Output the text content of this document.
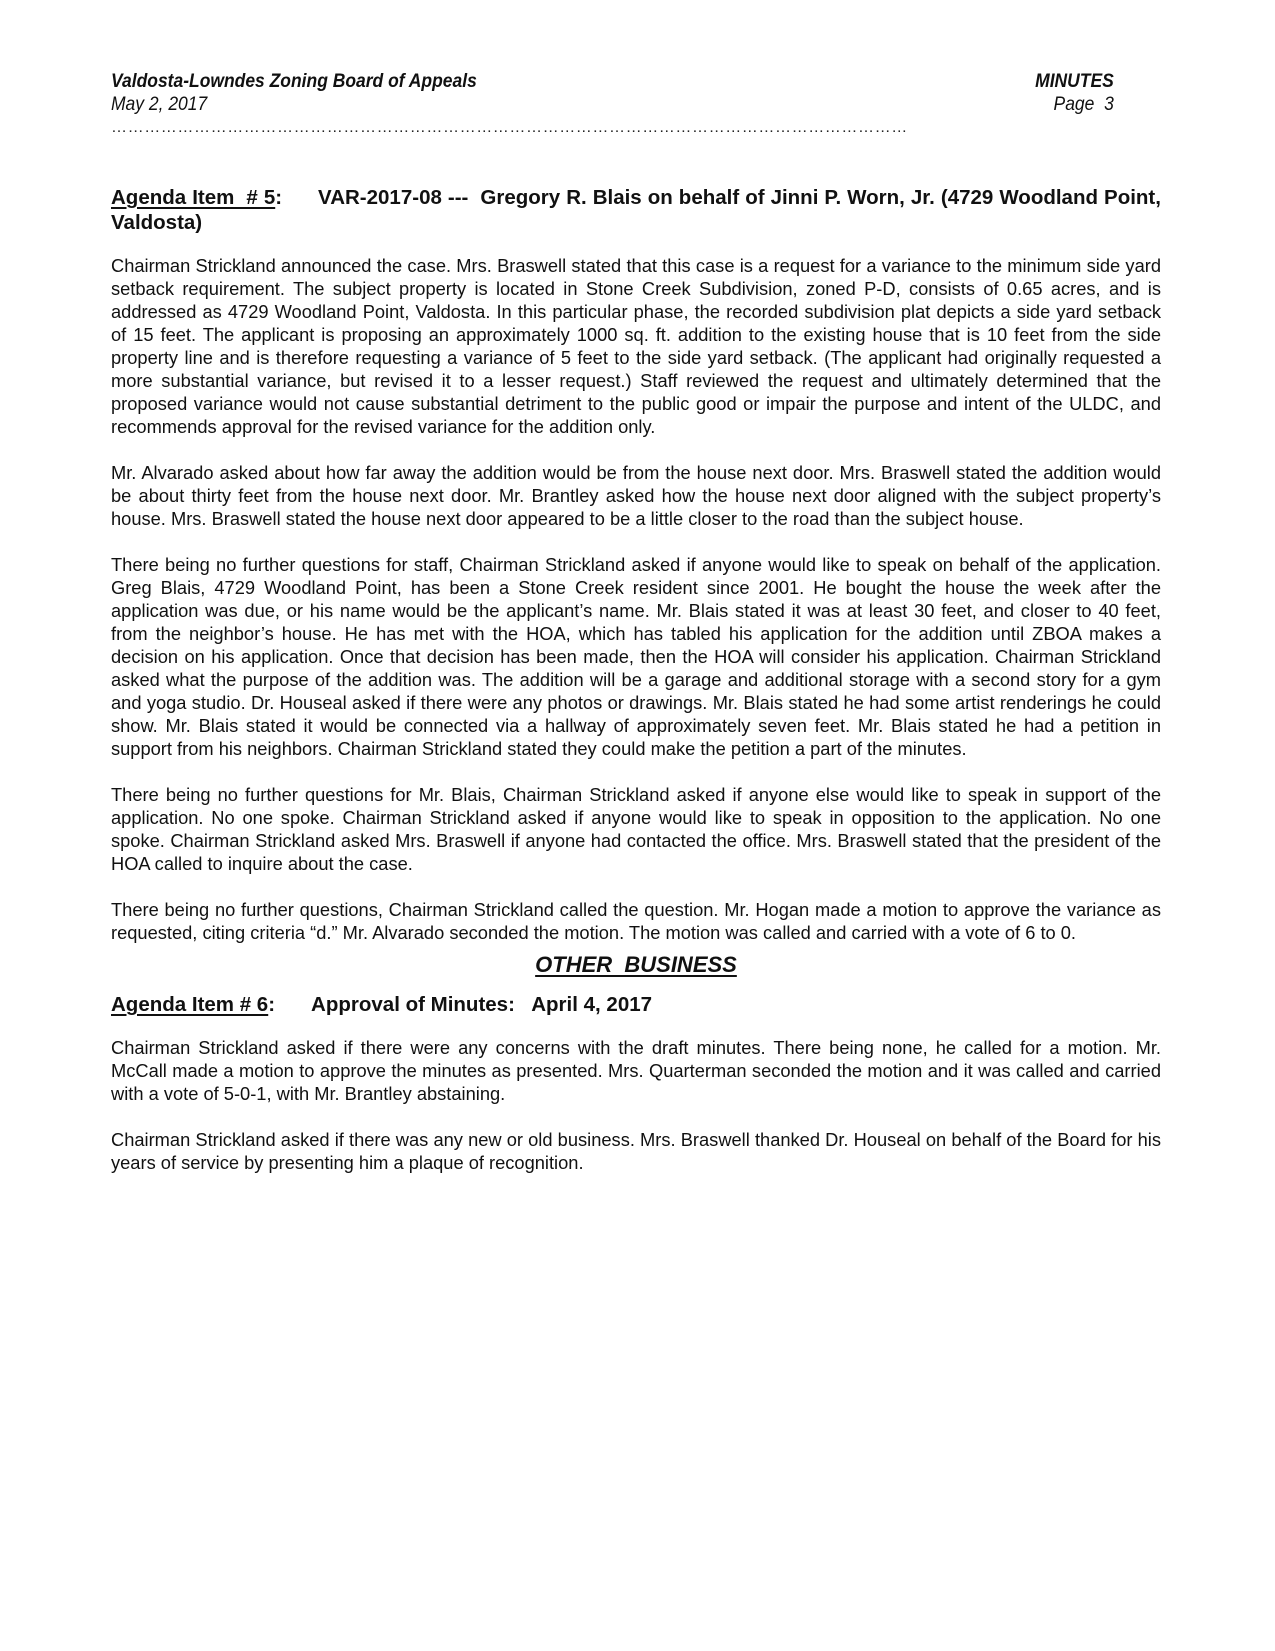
Valdosta-Lowndes Zoning Board of Appeals	MINUTES
May 2, 2017	Page  3
………………………………………………………………………………………………………………………………
Agenda Item  # 5: VAR-2017-08 --- Gregory R. Blais on behalf of Jinni P. Worn, Jr. (4729 Woodland Point, Valdosta)

Chairman Strickland announced the case. Mrs. Braswell stated that this case is a request for a variance to the minimum side yard setback requirement. The subject property is located in Stone Creek Subdivision, zoned P-D, consists of 0.65 acres, and is addressed as 4729 Woodland Point, Valdosta. In this particular phase, the recorded subdivision plat depicts a side yard setback of 15 feet. The applicant is proposing an approximately 1000 sq. ft. addition to the existing house that is 10 feet from the side property line and is therefore requesting a variance of 5 feet to the side yard setback. (The applicant had originally requested a more substantial variance, but revised it to a lesser request.) Staff reviewed the request and ultimately determined that the proposed variance would not cause substantial detriment to the public good or impair the purpose and intent of the ULDC, and recommends approval for the revised variance for the addition only.

Mr. Alvarado asked about how far away the addition would be from the house next door. Mrs. Braswell stated the addition would be about thirty feet from the house next door. Mr. Brantley asked how the house next door aligned with the subject property’s house. Mrs. Braswell stated the house next door appeared to be a little closer to the road than the subject house.

There being no further questions for staff, Chairman Strickland asked if anyone would like to speak on behalf of the application. Greg Blais, 4729 Woodland Point, has been a Stone Creek resident since 2001. He bought the house the week after the application was due, or his name would be the applicant’s name. Mr. Blais stated it was at least 30 feet, and closer to 40 feet, from the neighbor’s house. He has met with the HOA, which has tabled his application for the addition until ZBOA makes a decision on his application. Once that decision has been made, then the HOA will consider his application. Chairman Strickland asked what the purpose of the addition was. The addition will be a garage and additional storage with a second story for a gym and yoga studio. Dr. Houseal asked if there were any photos or drawings. Mr. Blais stated he had some artist renderings he could show. Mr. Blais stated it would be connected via a hallway of approximately seven feet. Mr. Blais stated he had a petition in support from his neighbors. Chairman Strickland stated they could make the petition a part of the minutes.

There being no further questions for Mr. Blais, Chairman Strickland asked if anyone else would like to speak in support of the application. No one spoke. Chairman Strickland asked if anyone would like to speak in opposition to the application. No one spoke. Chairman Strickland asked Mrs. Braswell if anyone had contacted the office. Mrs. Braswell stated that the president of the HOA called to inquire about the case.

There being no further questions, Chairman Strickland called the question. Mr. Hogan made a motion to approve the variance as requested, citing criteria “d.” Mr. Alvarado seconded the motion. The motion was called and carried with a vote of 6 to 0.

OTHER  BUSINESS
Agenda Item # 6: Approval of Minutes:   April 4, 2017

Chairman Strickland asked if there were any concerns with the draft minutes. There being none, he called for a motion. Mr. McCall made a motion to approve the minutes as presented. Mrs. Quarterman seconded the motion and it was called and carried with a vote of 5-0-1, with Mr. Brantley abstaining.

Chairman Strickland asked if there was any new or old business. Mrs. Braswell thanked Dr. Houseal on behalf of the Board for his years of service by presenting him a plaque of recognition.
